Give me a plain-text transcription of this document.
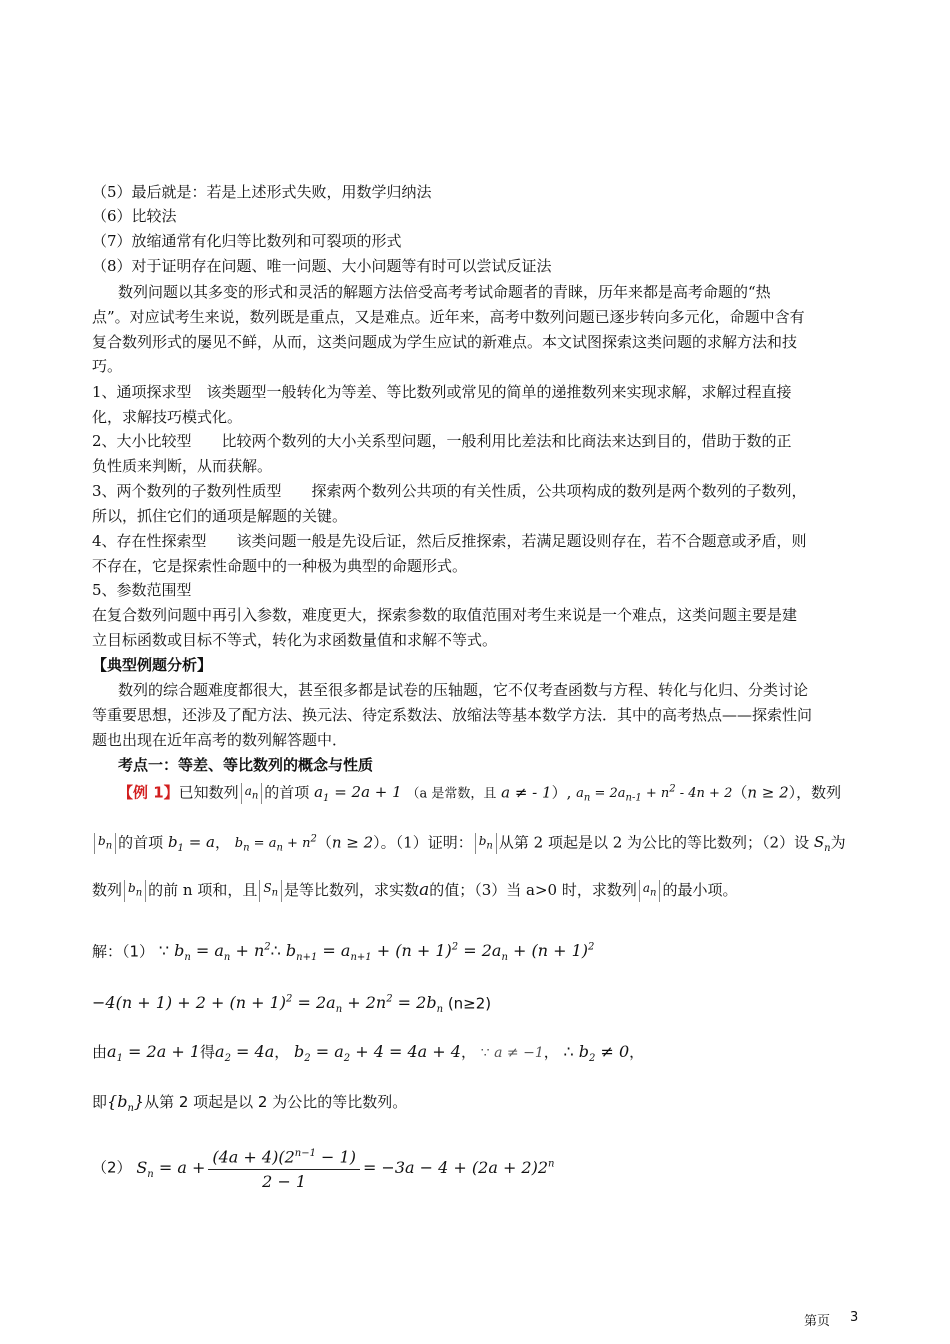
（5）最后就是：若是上述形式失败，用数学归纳法
（6）比较法
（7）放缩通常有化归等比数列和可裂项的形式
（8）对于证明存在问题、唯一问题、大小问题等有时可以尝试反证法
数列问题以其多变的形式和灵活的解题方法倍受高考考试命题者的青睐，历年来都是高考命题的“热
点”。对应试考生来说，数列既是重点，又是难点。近年来，高考中数列问题已逐步转向多元化，命题中含有
复合数列形式的屡见不鲜，从而，这类问题成为学生应试的新难点。本文试图探索这类问题的求解方法和技
巧。
1、通项探求型　该类题型一般转化为等差、等比数列或常见的简单的递推数列来实现求解，求解过程直接
化，求解技巧模式化。
2、大小比较型　　比较两个数列的大小关系型问题，一般利用比差法和比商法来达到目的，借助于数的正
负性质来判断，从而获解。
3、两个数列的子数列性质型　　探索两个数列公共项的有关性质，公共项构成的数列是两个数列的子数列，
所以，抓住它们的通项是解题的关键。
4、存在性探索型　　该类问题一般是先设后证，然后反推探索，若满足题设则存在，若不合题意或矛盾，则
不存在，它是探索性命题中的一种极为典型的命题形式。
5、参数范围型
在复合数列问题中再引入参数，难度更大，探索参数的取值范围对考生来说是一个难点，这类问题主要是建
立目标函数或目标不等式，转化为求函数量值和求解不等式。
【典型例题分析】
数列的综合题难度都很大，甚至很多都是试卷的压轴题，它不仅考查函数与方程、转化与化归、分类讨论
等重要思想，还涉及了配方法、换元法、待定系数法、放缩法等基本数学方法．其中的高考热点——探索性问
题也出现在近年高考的数列解答题中．
考点一：等差、等比数列的概念与性质
【例 1】已知数列 $a_n$ 的首项 $a_1 = 2a + 1$ （a 是常数，且 a ≠ - 1）, $a_n = 2a_{n-1} + n^2 - 4n + 2(n \ge 2)$，数列
$b_n$ 的首项 $b_1 = a$， $b_n = a_n + n^2(n \ge 2)$。（1）证明： $b_n$ 从第 2 项起是以 2 为公比的等比数列；（2）设 $S_n$为
数列 $b_n$ 的前 n 项和，且 $S_n$ 是等比数列，求实数a的值；（3）当 a>0 时，求数列 $a_n$ 的最小项。
解：（1） ∵ $b_n = a_n$ + $n^2\therefore$ $b_{n+1} = a_{n+1} + (n + 1)^2 = 2a_n + (n + 1)^2$
$-4(n + 1) + 2 + (n + 1)^2 = 2a_n + 2n^2 = 2b_n$ (n≥2)
由$a_1 = 2a + 1$得$a_2 = 4a$， $b_2 = a_2 + 4 = 4a + 4$， ∵ a ≠ −1， ∴ $b_2 \ne 0$，
即$\{b_n\}$从第 2 项起是以 2 为公比的等比数列。
（2） $S_n = a + \frac{(4a + 4)(2^{n-1} - 1)}{2 - 1} = -3a - 4 + (2a + 2)2^n$
第页 3
